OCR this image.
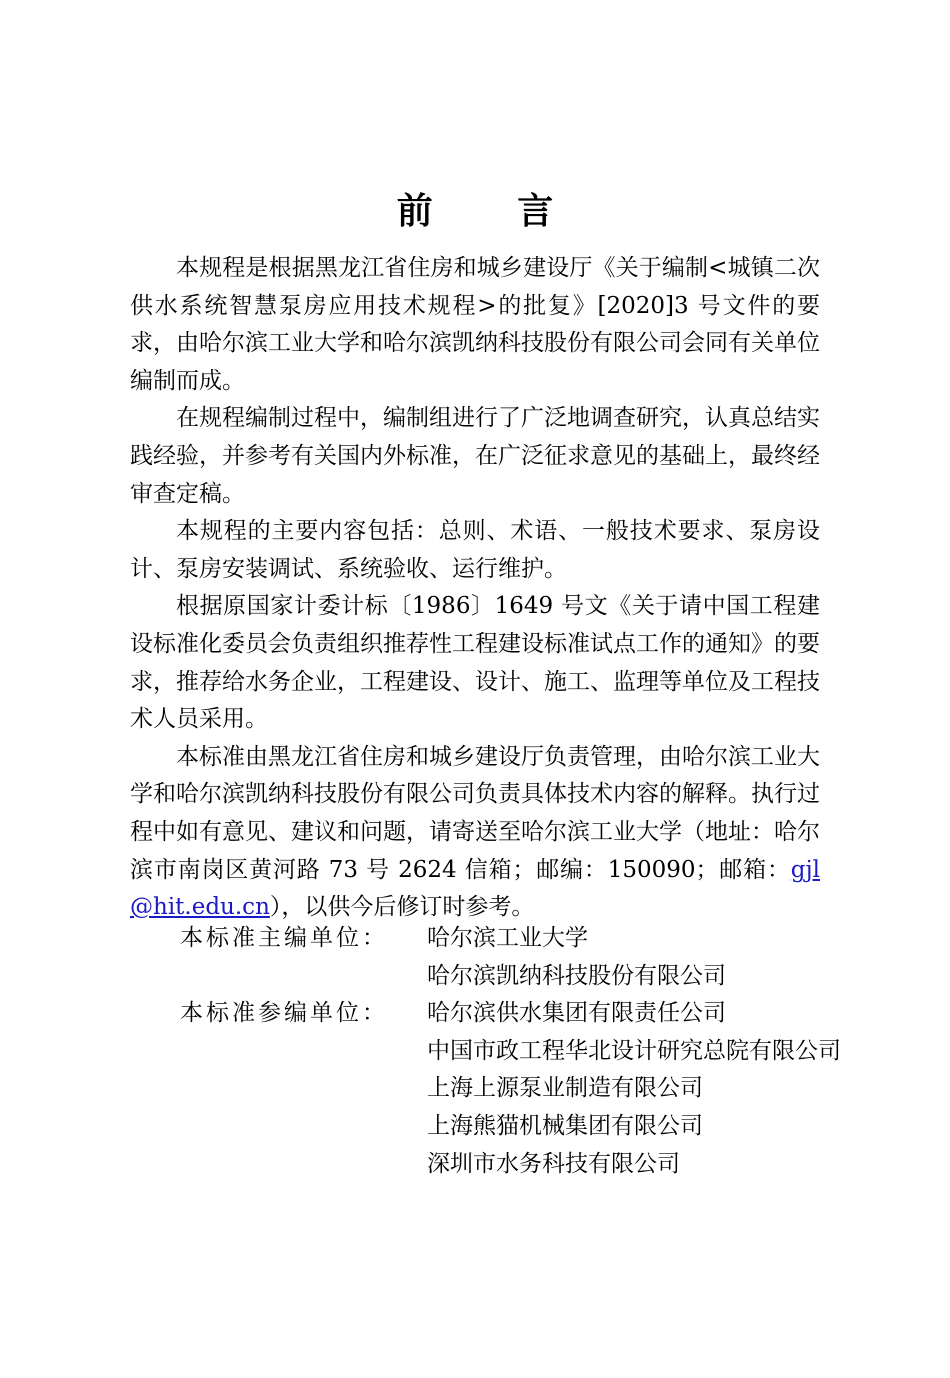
前 言

本规程是根据黑龙江省住房和城乡建设厅《关于编制<城镇二次供水系统智慧泵房应用技术规程>的批复》[2020]3 号文件的要求，由哈尔滨工业大学和哈尔滨凯纳科技股份有限公司会同有关单位编制而成。

在规程编制过程中，编制组进行了广泛地调查研究，认真总结实践经验，并参考有关国内外标准，在广泛征求意见的基础上，最终经审查定稿。

本规程的主要内容包括：总则、术语、一般技术要求、泵房设计、泵房安装调试、系统验收、运行维护。

根据原国家计委计标〔1986〕1649 号文《关于请中国工程建设标准化委员会负责组织推荐性工程建设标准试点工作的通知》的要求，推荐给水务企业，工程建设、设计、施工、监理等单位及工程技术人员采用。

本标准由黑龙江省住房和城乡建设厅负责管理，由哈尔滨工业大学和哈尔滨凯纳科技股份有限公司负责具体技术内容的解释。执行过程中如有意见、建议和问题，请寄送至哈尔滨工业大学（地址：哈尔滨市南岗区黄河路 73 号 2624 信箱；邮编：150090；邮箱：gjl@hit.edu.cn），以供今后修订时参考。

本标准主编单位：	哈尔滨工业大学
哈尔滨凯纳科技股份有限公司
本标准参编单位：	哈尔滨供水集团有限责任公司
中国市政工程华北设计研究总院有限公司
上海上源泵业制造有限公司
上海熊猫机械集团有限公司
深圳市水务科技有限公司
